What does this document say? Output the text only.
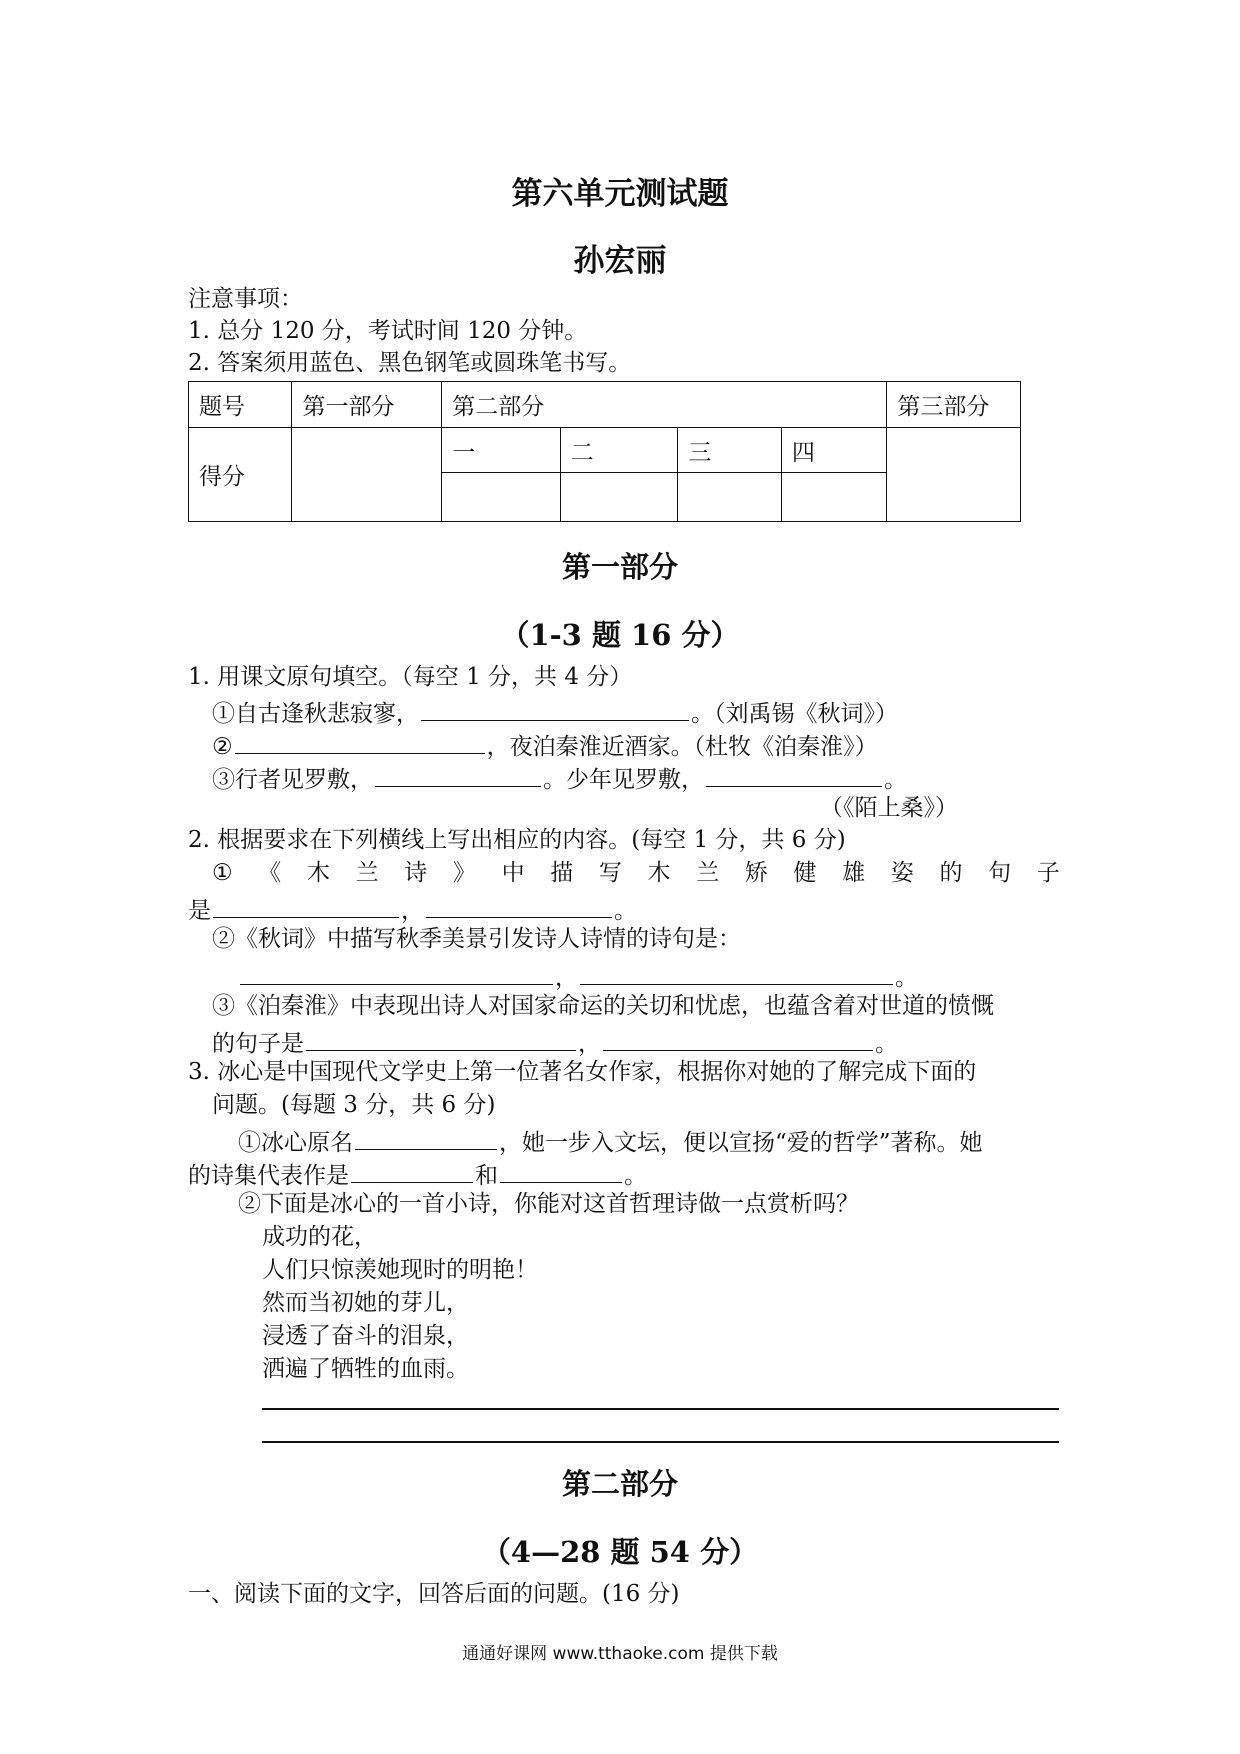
第六单元测试题
孙宏丽
注意事项：
1. 总分 120 分，考试时间 120 分钟。
2. 答案须用蓝色、黑色钢笔或圆珠笔书写。
题号	第一部分	第二部分				第三部分
得分		一	二	三	四	

第一部分
（1-3 题 16 分）
1. 用课文原句填空。（每空 1 分，共 4 分）
①自古逢秋悲寂寥，	。（刘禹锡《秋词》）
②	，夜泊秦淮近酒家。（杜牧《泊秦淮》）
③行者见罗敷，	。少年见罗敷，	。
（《陌上桑》）
2. 根据要求在下列横线上写出相应的内容。(每空 1 分，共 6 分)
① 《 木 兰 诗 》 中 描 写 木 兰 矫 健 雄 姿 的 句 子
是	，	。
②《秋词》中描写秋季美景引发诗人诗情的诗句是：
，	。
③《泊秦淮》中表现出诗人对国家命运的关切和忧虑，也蕴含着对世道的愤慨
的句子是	，	。
3. 冰心是中国现代文学史上第一位著名女作家，根据你对她的了解完成下面的
问题。(每题 3 分，共 6 分)
①冰心原名	，她一步入文坛，便以宣扬“爱的哲学”著称。她
的诗集代表作是	和	。
②下面是冰心的一首小诗，你能对这首哲理诗做一点赏析吗？
成功的花，
人们只惊羡她现时的明艳！
然而当初她的芽儿，
浸透了奋斗的泪泉，
洒遍了牺牲的血雨。
第二部分
（4—28 题 54 分）
一、阅读下面的文字，回答后面的问题。(16 分)
通通好课网 www.tthaoke.com 提供下载
